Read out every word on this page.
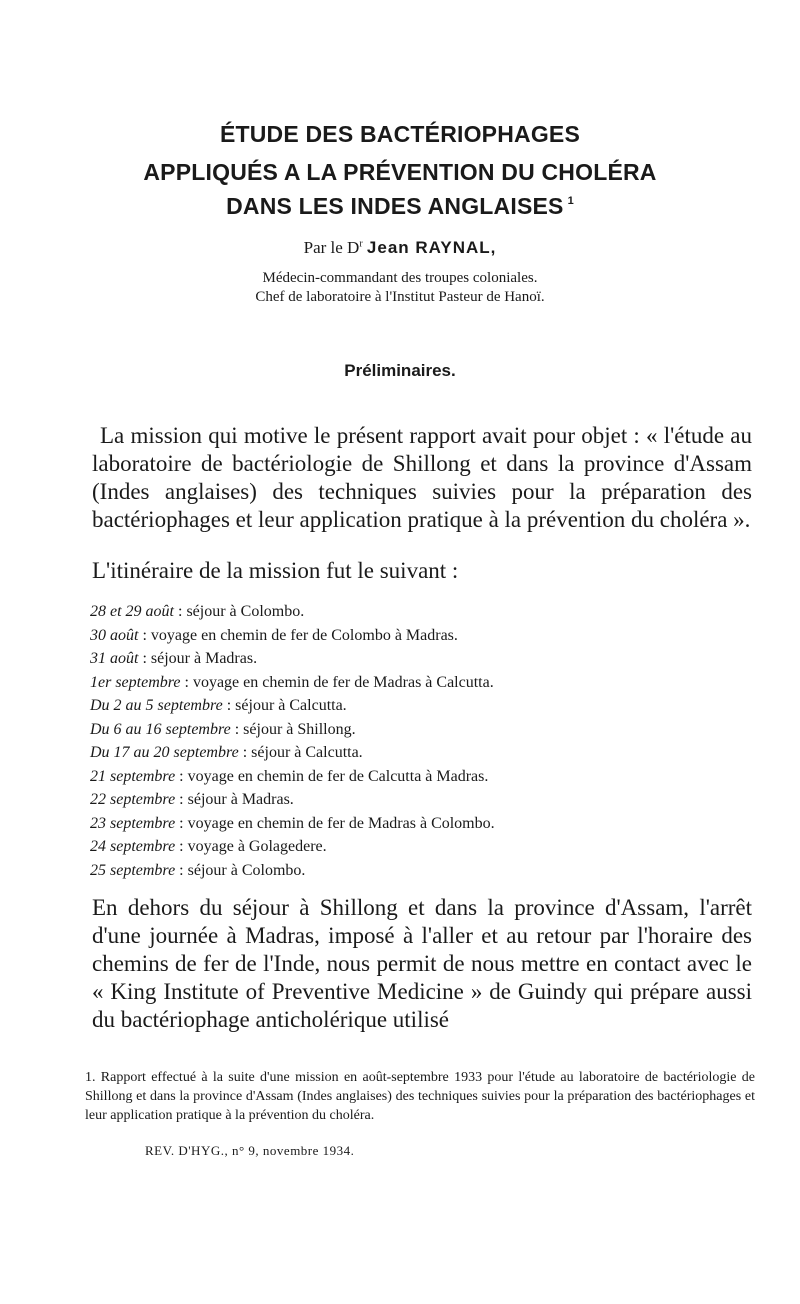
ÉTUDE DES BACTÉRIOPHAGES
APPLIQUÉS A LA PRÉVENTION DU CHOLÉRA
DANS LES INDES ANGLAISES $^1$
Par le $D^r$ Jean RAYNAL,
Médecin-commandant des troupes coloniales.
Chef de laboratoire à l'Institut Pasteur de Hanoï.
Préliminaires.
La mission qui motive le présent rapport avait pour objet : « l'étude au laboratoire de bactériologie de Shillong et dans la province d'Assam (Indes anglaises) des techniques suivies pour la préparation des bactériophages et leur application pratique à la prévention du choléra ».
L'itinéraire de la mission fut le suivant :
28 et 29 août : séjour à Colombo.
30 août : voyage en chemin de fer de Colombo à Madras.
31 août : séjour à Madras.
1er septembre : voyage en chemin de fer de Madras à Calcutta.
Du 2 au 5 septembre : séjour à Calcutta.
Du 6 au 16 septembre : séjour à Shillong.
Du 17 au 20 septembre : séjour à Calcutta.
21 septembre : voyage en chemin de fer de Calcutta à Madras.
22 septembre : séjour à Madras.
23 septembre : voyage en chemin de fer de Madras à Colombo.
24 septembre : voyage à Golagedere.
25 septembre : séjour à Colombo.
En dehors du séjour à Shillong et dans la province d'Assam, l'arrêt d'une journée à Madras, imposé à l'aller et au retour par l'horaire des chemins de fer de l'Inde, nous permit de nous mettre en contact avec le « King Institute of Preventive Medicine » de Guindy qui prépare aussi du bactériophage anticholérique utilisé
1. Rapport effectué à la suite d'une mission en août-septembre 1933 pour l'étude au laboratoire de bactériologie de Shillong et dans la province d'Assam (Indes anglaises) des techniques suivies pour la préparation des bactériophages et leur application pratique à la prévention du choléra.
REV. D'HYG., n° 9, novembre 1934.
